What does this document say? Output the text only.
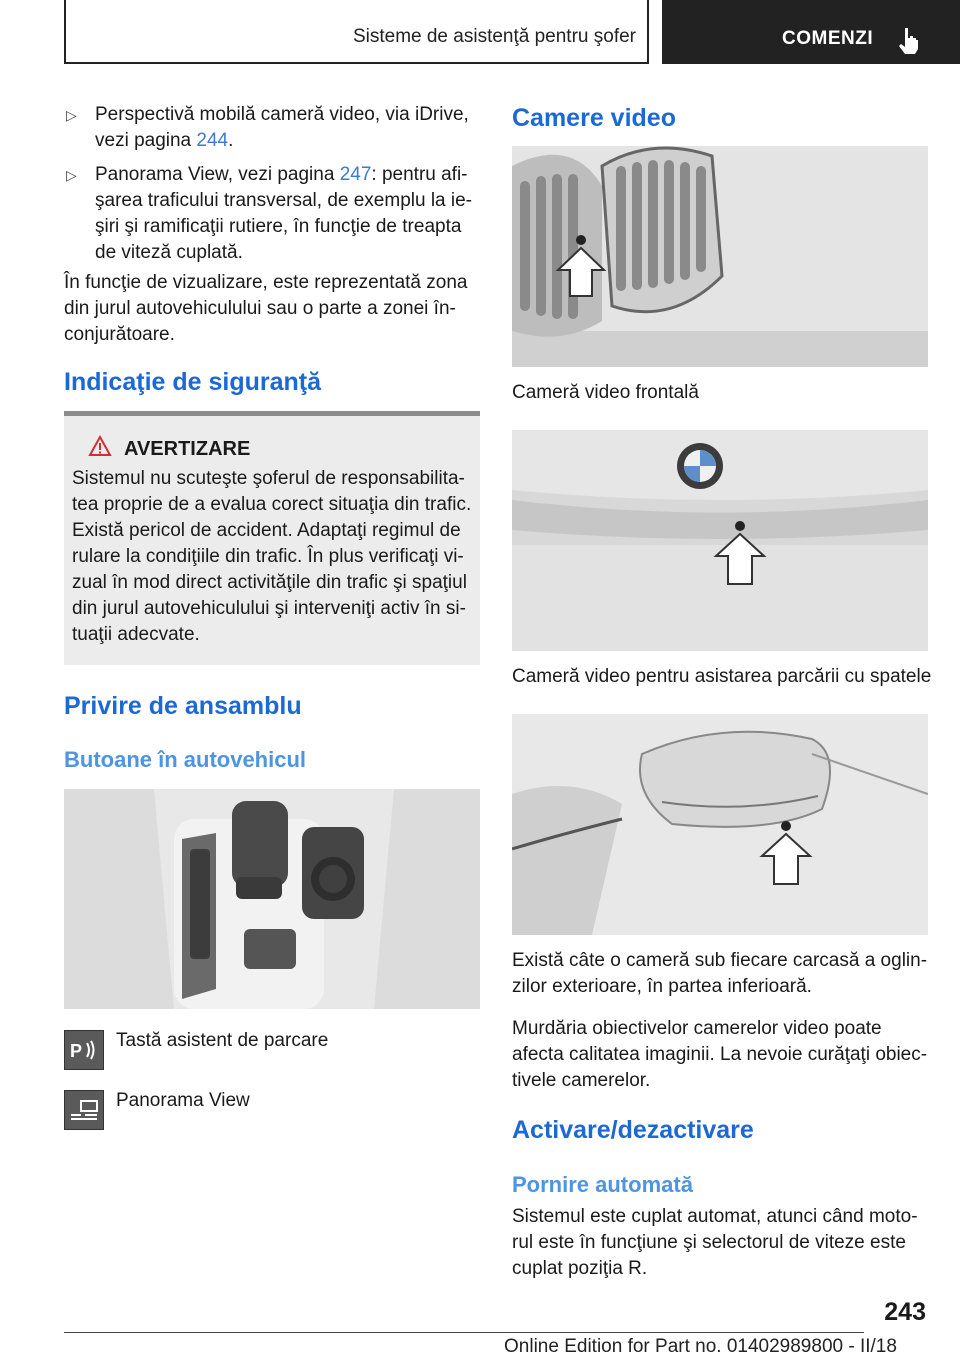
Sisteme de asistenţă pentru şofer	COMENZI
▷ Perspectivă mobilă cameră video, via iDrive,

vezi pagina 244.

▷ Panorama View, vezi pagina 247: pentru afi‐

şarea traficului transversal, de exemplu la ie‐

şiri şi ramificaţii rutiere, în funcţie de treapta

de viteză cuplată.

În funcţie de vizualizare, este reprezentată zona

din jurul autovehiculului sau o parte a zonei în‐

conjurătoare.

Indicaţie de siguranţă
AVERTIZARE

Sistemul nu scuteşte şoferul de responsabilita‐

tea proprie de a evalua corect situaţia din trafic.

Există pericol de accident. Adaptaţi regimul de

rulare la condiţiile din trafic. În plus verificaţi vi‐

zual în mod direct activităţile din trafic şi spaţiul

din jurul autovehiculului şi interveniţi activ în si‐

tuaţii adecvate.

Privire de ansamblu
Butoane în autovehicul
P Tastă asistent de parcare

Panorama View

Camere video

Cameră video frontală

Cameră video pentru asistarea parcării cu spatele

Există câte o cameră sub fiecare carcasă a oglin‐

zilor exterioare, în partea inferioară.

Murdăria obiectivelor camerelor video poate

afecta calitatea imaginii. La nevoie curăţaţi obiec‐

tivele camerelor.

Activare/dezactivare
Pornire automată

Sistemul este cuplat automat, atunci când moto‐

rul este în funcţiune şi selectorul de viteze este

cuplat poziţia R.

243
Online Edition for Part no. 01402989800 - II/18
